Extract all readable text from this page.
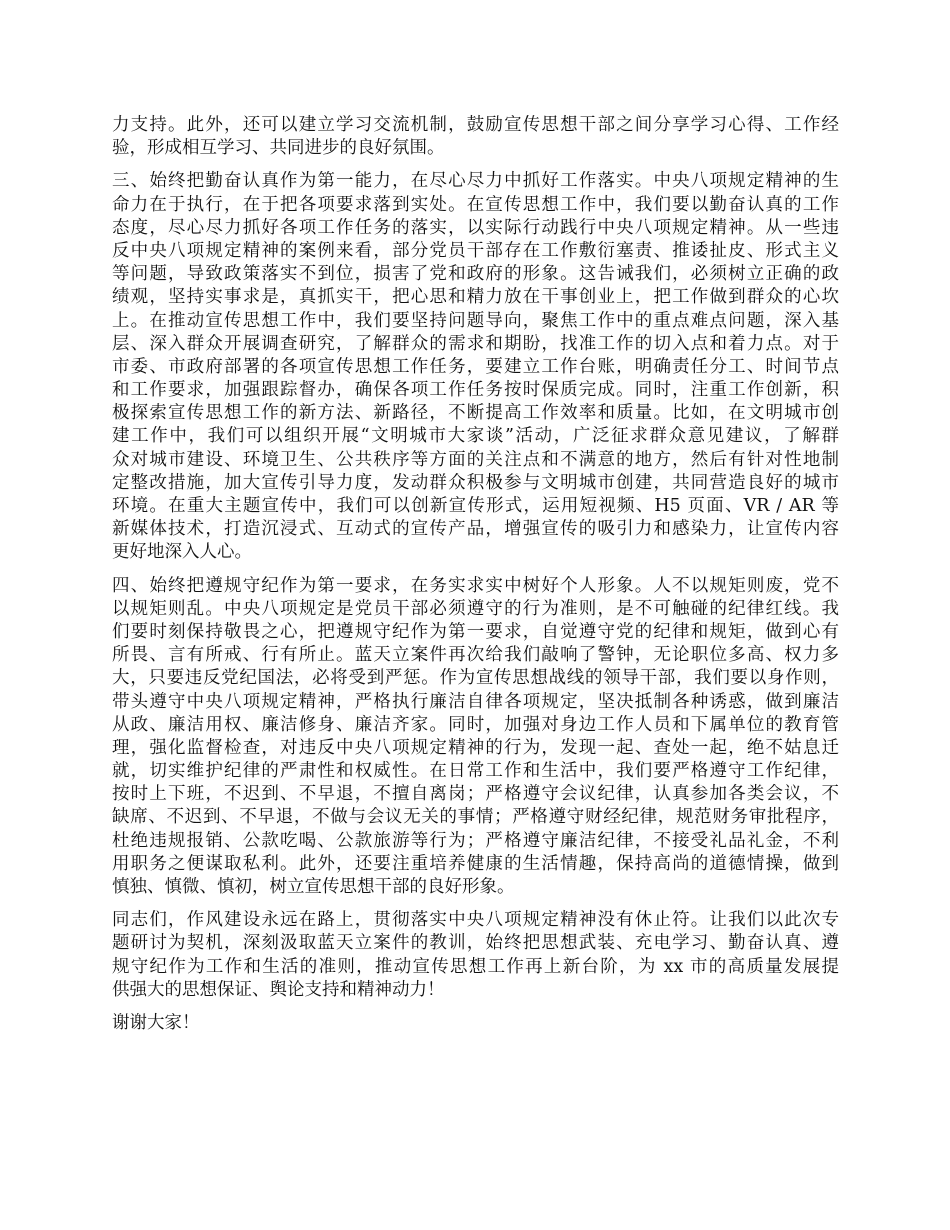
力支持。此外，还可以建立学习交流机制，鼓励宣传思想干部之间分享学习心得、工作经
验，形成相互学习、共同进步的良好氛围。
三、始终把勤奋认真作为第一能力，在尽心尽力中抓好工作落实。中央八项规定精神的生
命力在于执行，在于把各项要求落到实处。在宣传思想工作中，我们要以勤奋认真的工作
态度，尽心尽力抓好各项工作任务的落实，以实际行动践行中央八项规定精神。从一些违
反中央八项规定精神的案例来看，部分党员干部存在工作敷衍塞责、推诿扯皮、形式主义
等问题，导致政策落实不到位，损害了党和政府的形象。这告诫我们，必须树立正确的政
绩观，坚持实事求是，真抓实干，把心思和精力放在干事创业上，把工作做到群众的心坎
上。在推动宣传思想工作中，我们要坚持问题导向，聚焦工作中的重点难点问题，深入基
层、深入群众开展调查研究，了解群众的需求和期盼，找准工作的切入点和着力点。对于
市委、市政府部署的各项宣传思想工作任务，要建立工作台账，明确责任分工、时间节点
和工作要求，加强跟踪督办，确保各项工作任务按时保质完成。同时，注重工作创新，积
极探索宣传思想工作的新方法、新路径，不断提高工作效率和质量。比如，在文明城市创
建工作中，我们可以组织开展“文明城市大家谈”活动，广泛征求群众意见建议，了解群
众对城市建设、环境卫生、公共秩序等方面的关注点和不满意的地方，然后有针对性地制
定整改措施，加大宣传引导力度，发动群众积极参与文明城市创建，共同营造良好的城市
环境。在重大主题宣传中，我们可以创新宣传形式，运用短视频、H5 页面、VR / AR 等
新媒体技术，打造沉浸式、互动式的宣传产品，增强宣传的吸引力和感染力，让宣传内容
更好地深入人心。
四、始终把遵规守纪作为第一要求，在务实求实中树好个人形象。人不以规矩则废，党不
以规矩则乱。中央八项规定是党员干部必须遵守的行为准则，是不可触碰的纪律红线。我
们要时刻保持敬畏之心，把遵规守纪作为第一要求，自觉遵守党的纪律和规矩，做到心有
所畏、言有所戒、行有所止。蓝天立案件再次给我们敲响了警钟，无论职位多高、权力多
大，只要违反党纪国法，必将受到严惩。作为宣传思想战线的领导干部，我们要以身作则，
带头遵守中央八项规定精神，严格执行廉洁自律各项规定，坚决抵制各种诱惑，做到廉洁
从政、廉洁用权、廉洁修身、廉洁齐家。同时，加强对身边工作人员和下属单位的教育管
理，强化监督检查，对违反中央八项规定精神的行为，发现一起、查处一起，绝不姑息迁
就，切实维护纪律的严肃性和权威性。在日常工作和生活中，我们要严格遵守工作纪律，
按时上下班，不迟到、不早退，不擅自离岗；严格遵守会议纪律，认真参加各类会议，不
缺席、不迟到、不早退，不做与会议无关的事情；严格遵守财经纪律，规范财务审批程序，
杜绝违规报销、公款吃喝、公款旅游等行为；严格遵守廉洁纪律，不接受礼品礼金，不利
用职务之便谋取私利。此外，还要注重培养健康的生活情趣，保持高尚的道德情操，做到
慎独、慎微、慎初，树立宣传思想干部的良好形象。
同志们，作风建设永远在路上，贯彻落实中央八项规定精神没有休止符。让我们以此次专
题研讨为契机，深刻汲取蓝天立案件的教训，始终把思想武装、充电学习、勤奋认真、遵
规守纪作为工作和生活的准则，推动宣传思想工作再上新台阶，为 xx 市的高质量发展提
供强大的思想保证、舆论支持和精神动力！
谢谢大家！
